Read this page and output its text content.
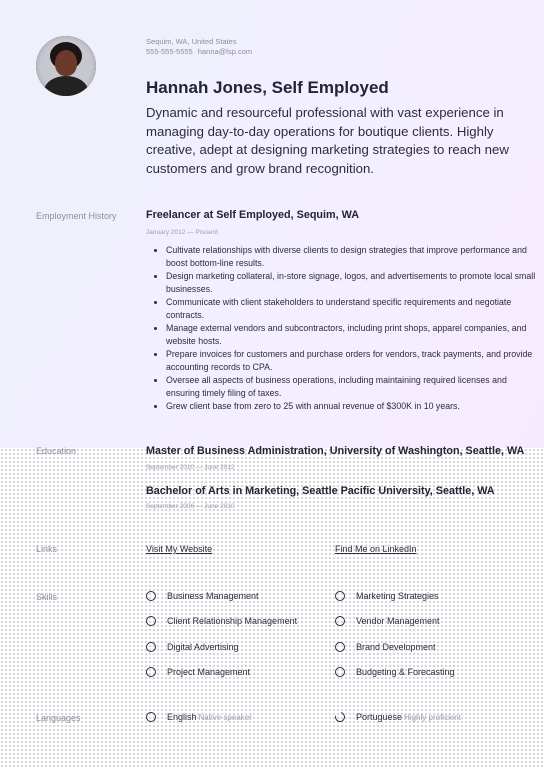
Sequim, WA, United States
555-555-5555 hanna@lsp.com
Hannah Jones, Self Employed
Dynamic and resourceful professional with vast experience in managing day-to-day operations for boutique clients. Highly creative, adept at designing marketing strategies to reach new customers and grow brand recognition.
Employment History	Freelancer at Self Employed, Sequim, WA
January 2012 — Present
• Cultivate relationships with diverse clients to design strategies that improve performance and boost bottom-line results.
• Design marketing collateral, in-store signage, logos, and advertisements to promote local small businesses.
• Communicate with client stakeholders to understand specific requirements and negotiate contracts.
• Manage external vendors and subcontractors, including print shops, apparel companies, and website hosts.
• Prepare invoices for customers and purchase orders for vendors, track payments, and provide accounting records to CPA.
• Oversee all aspects of business operations, including maintaining required licenses and ensuring timely filing of taxes.
• Grew client base from zero to 25 with annual revenue of $300K in 10 years.
Education	Master of Business Administration, University of Washington, Seattle, WA
September 2010 — June 2012
Bachelor of Arts in Marketing, Seattle Pacific University, Seattle, WA
September 2006 — June 2010
Links	Visit My Website	Find Me on LinkedIn
Skills	Business Management	Marketing Strategies
Client Relationship Management	Vendor Management
Digital Advertising	Brand Development
Project Management	Budgeting & Forecasting
Languages	English Native speaker	Portuguese Highly proficient
